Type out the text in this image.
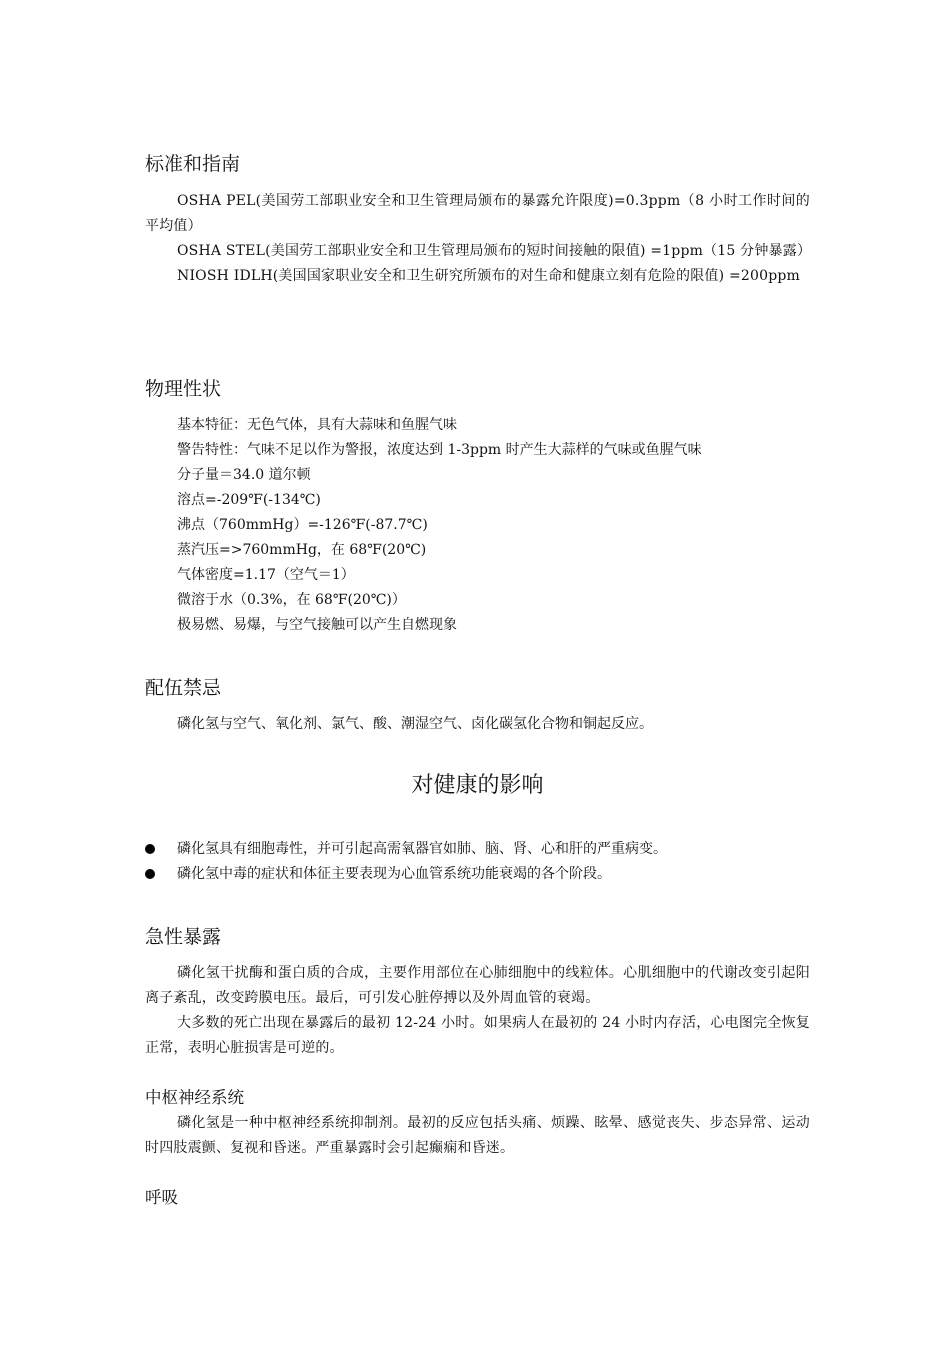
标准和指南

OSHA PEL(美国劳工部职业安全和卫生管理局颁布的暴露允许限度)=0.3ppm（8 小时工作时间的平均值）

OSHA STEL(美国劳工部职业安全和卫生管理局颁布的短时间接触的限值) =1ppm（15 分钟暴露）

NIOSH IDLH(美国国家职业安全和卫生研究所颁布的对生命和健康立刻有危险的限值) =200ppm

物理性状

基本特征：无色气体，具有大蒜味和鱼腥气味

警告特性：气味不足以作为警报，浓度达到 1-3ppm 时产生大蒜样的气味或鱼腥气味

分子量＝34.0 道尔顿

溶点=-209℉(-134℃)

沸点（760mmHg）=-126℉(-87.7℃)

蒸汽压=>760mmHg，在 68℉(20℃)

气体密度=1.17（空气＝1）

微溶于水（0.3%，在 68℉(20℃)）

极易燃、易爆，与空气接触可以产生自燃现象

配伍禁忌

磷化氢与空气、氧化剂、氯气、酸、潮湿空气、卤化碳氢化合物和铜起反应。

对健康的影响
磷化氢具有细胞毒性，并可引起高需氧器官如肺、脑、肾、心和肝的严重病变。
磷化氢中毒的症状和体征主要表现为心血管系统功能衰竭的各个阶段。
急性暴露

磷化氢干扰酶和蛋白质的合成，主要作用部位在心肺细胞中的线粒体。心肌细胞中的代谢改变引起阳离子紊乱，改变跨膜电压。最后，可引发心脏停搏以及外周血管的衰竭。

大多数的死亡出现在暴露后的最初 12-24 小时。如果病人在最初的 24 小时内存活，心电图完全恢复正常，表明心脏损害是可逆的。

中枢神经系统

磷化氢是一种中枢神经系统抑制剂。最初的反应包括头痛、烦躁、眩晕、感觉丧失、步态异常、运动时四肢震颤、复视和昏迷。严重暴露时会引起癫痫和昏迷。

呼吸
